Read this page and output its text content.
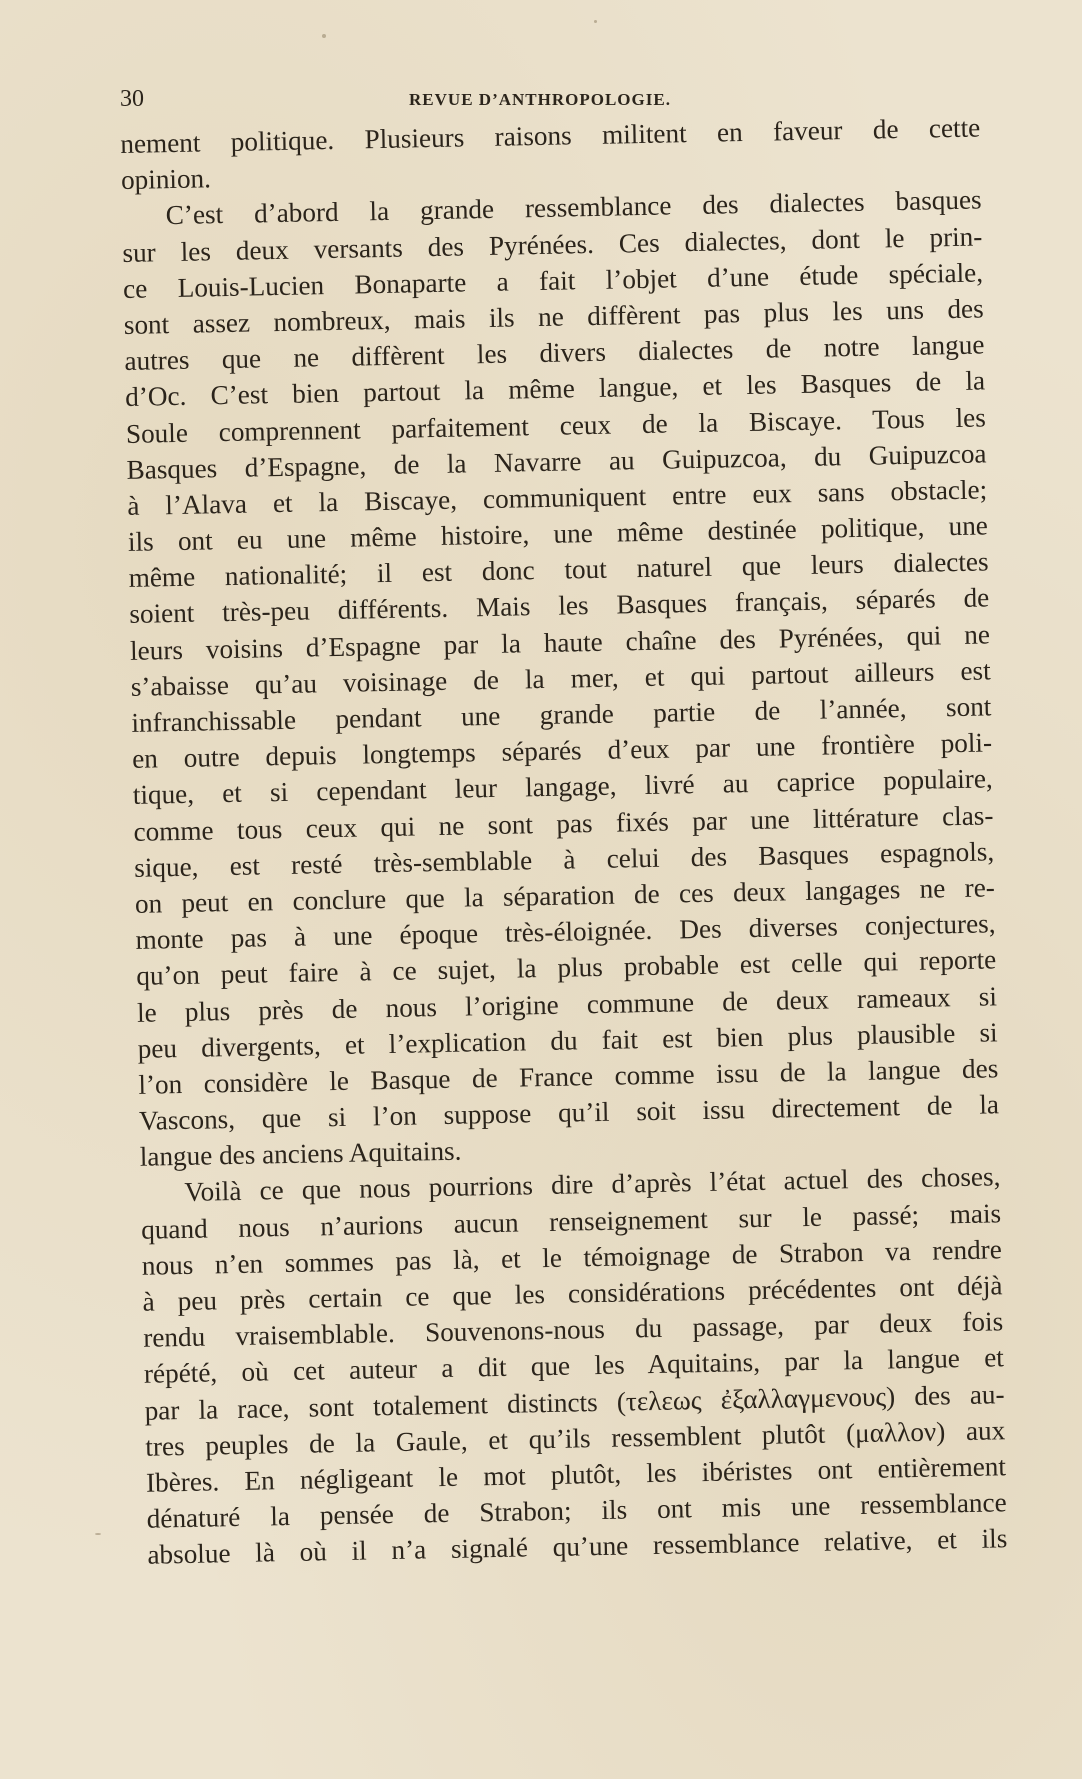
30	REVUE D’ANTHROPOLOGIE.
nement politique. Plusieurs raisons militent en faveur de cette
opinion.
C’est d’abord la grande ressemblance des dialectes basques
sur les deux versants des Pyrénées. Ces dialectes, dont le prin-
ce Louis-Lucien Bonaparte a fait l’objet d’une étude spéciale,
sont assez nombreux, mais ils ne diffèrent pas plus les uns des
autres que ne diffèrent les divers dialectes de notre langue
d’Oc. C’est bien partout la même langue, et les Basques de la
Soule comprennent parfaitement ceux de la Biscaye. Tous les
Basques d’Espagne, de la Navarre au Guipuzcoa, du Guipuzcoa
à l’Alava et la Biscaye, communiquent entre eux sans obstacle;
ils ont eu une même histoire, une même destinée politique, une
même nationalité; il est donc tout naturel que leurs dialectes
soient très-peu différents. Mais les Basques français, séparés de
leurs voisins d’Espagne par la haute chaîne des Pyrénées, qui ne
s’abaisse qu’au voisinage de la mer, et qui partout ailleurs est
infranchissable pendant une grande partie de l’année, sont
en outre depuis longtemps séparés d’eux par une frontière poli-
tique, et si cependant leur langage, livré au caprice populaire,
comme tous ceux qui ne sont pas fixés par une littérature clas-
sique, est resté très-semblable à celui des Basques espagnols,
on peut en conclure que la séparation de ces deux langages ne re-
monte pas à une époque très-éloignée. Des diverses conjectures,
qu’on peut faire à ce sujet, la plus probable est celle qui reporte
le plus près de nous l’origine commune de deux rameaux si
peu divergents, et l’explication du fait est bien plus plausible si
l’on considère le Basque de France comme issu de la langue des
Vascons, que si l’on suppose qu’il soit issu directement de la
langue des anciens Aquitains.
Voilà ce que nous pourrions dire d’après l’état actuel des choses,
quand nous n’aurions aucun renseignement sur le passé; mais
nous n’en sommes pas là, et le témoignage de Strabon va rendre
à peu près certain ce que les considérations précédentes ont déjà
rendu vraisemblable. Souvenons-nous du passage, par deux fois
répété, où cet auteur a dit que les Aquitains, par la langue et
par la race, sont totalement distincts (τελεως ἐξαλλαγμενους) des au-
tres peuples de la Gaule, et qu’ils ressemblent plutôt (μαλλον) aux
Ibères. En négligeant le mot plutôt, les ibéristes ont entièrement
dénaturé la pensée de Strabon; ils ont mis une ressemblance
absolue là où il n’a signalé qu’une ressemblance relative, et ils
